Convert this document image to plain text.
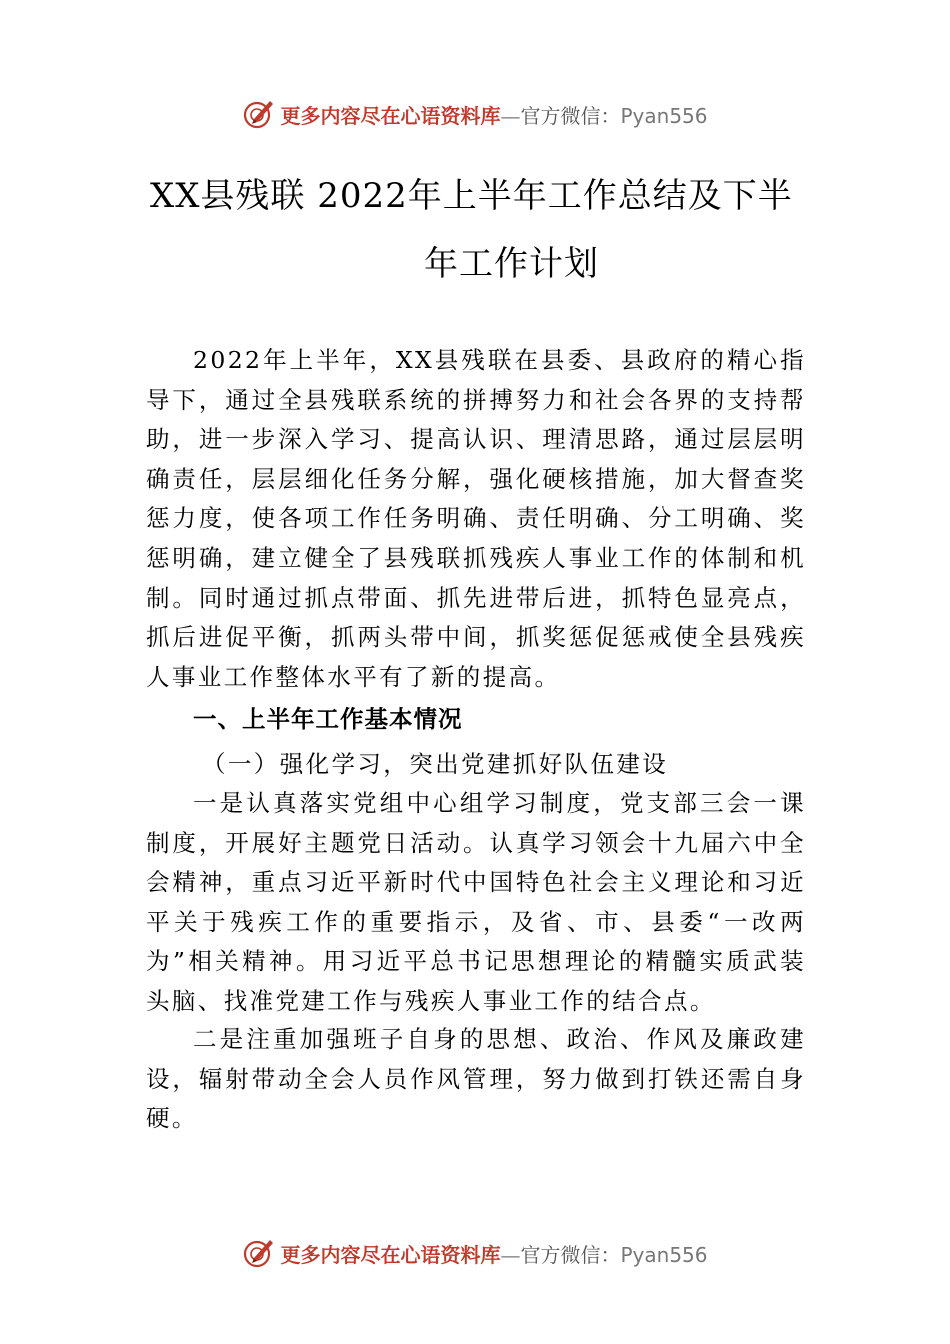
更多内容尽在心语资料库—官方微信：Pyan556
XX县残联 2022年上半年工作总结及下半
年工作计划

2022年上半年，XX县残联在县委、县政府的精心指导下，通过全县残联系统的拼搏努力和社会各界的支持帮助，进一步深入学习、提高认识、理清思路，通过层层明确责任，层层细化任务分解，强化硬核措施，加大督查奖惩力度，使各项工作任务明确、责任明确、分工明确、奖惩明确，建立健全了县残联抓残疾人事业工作的体制和机制。同时通过抓点带面、抓先进带后进，抓特色显亮点，抓后进促平衡，抓两头带中间，抓奖惩促惩戒使全县残疾人事业工作整体水平有了新的提高。

一、上半年工作基本情况

（一）强化学习，突出党建抓好队伍建设

一是认真落实党组中心组学习制度，党支部三会一课制度，开展好主题党日活动。认真学习领会十九届六中全会精神，重点习近平新时代中国特色社会主义理论和习近平关于残疾工作的重要指示，及省、市、县委“一改两为”相关精神。用习近平总书记思想理论的精髓实质武装头脑、找准党建工作与残疾人事业工作的结合点。

二是注重加强班子自身的思想、政治、作风及廉政建设，辐射带动全会人员作风管理，努力做到打铁还需自身硬。

更多内容尽在心语资料库—官方微信：Pyan556
